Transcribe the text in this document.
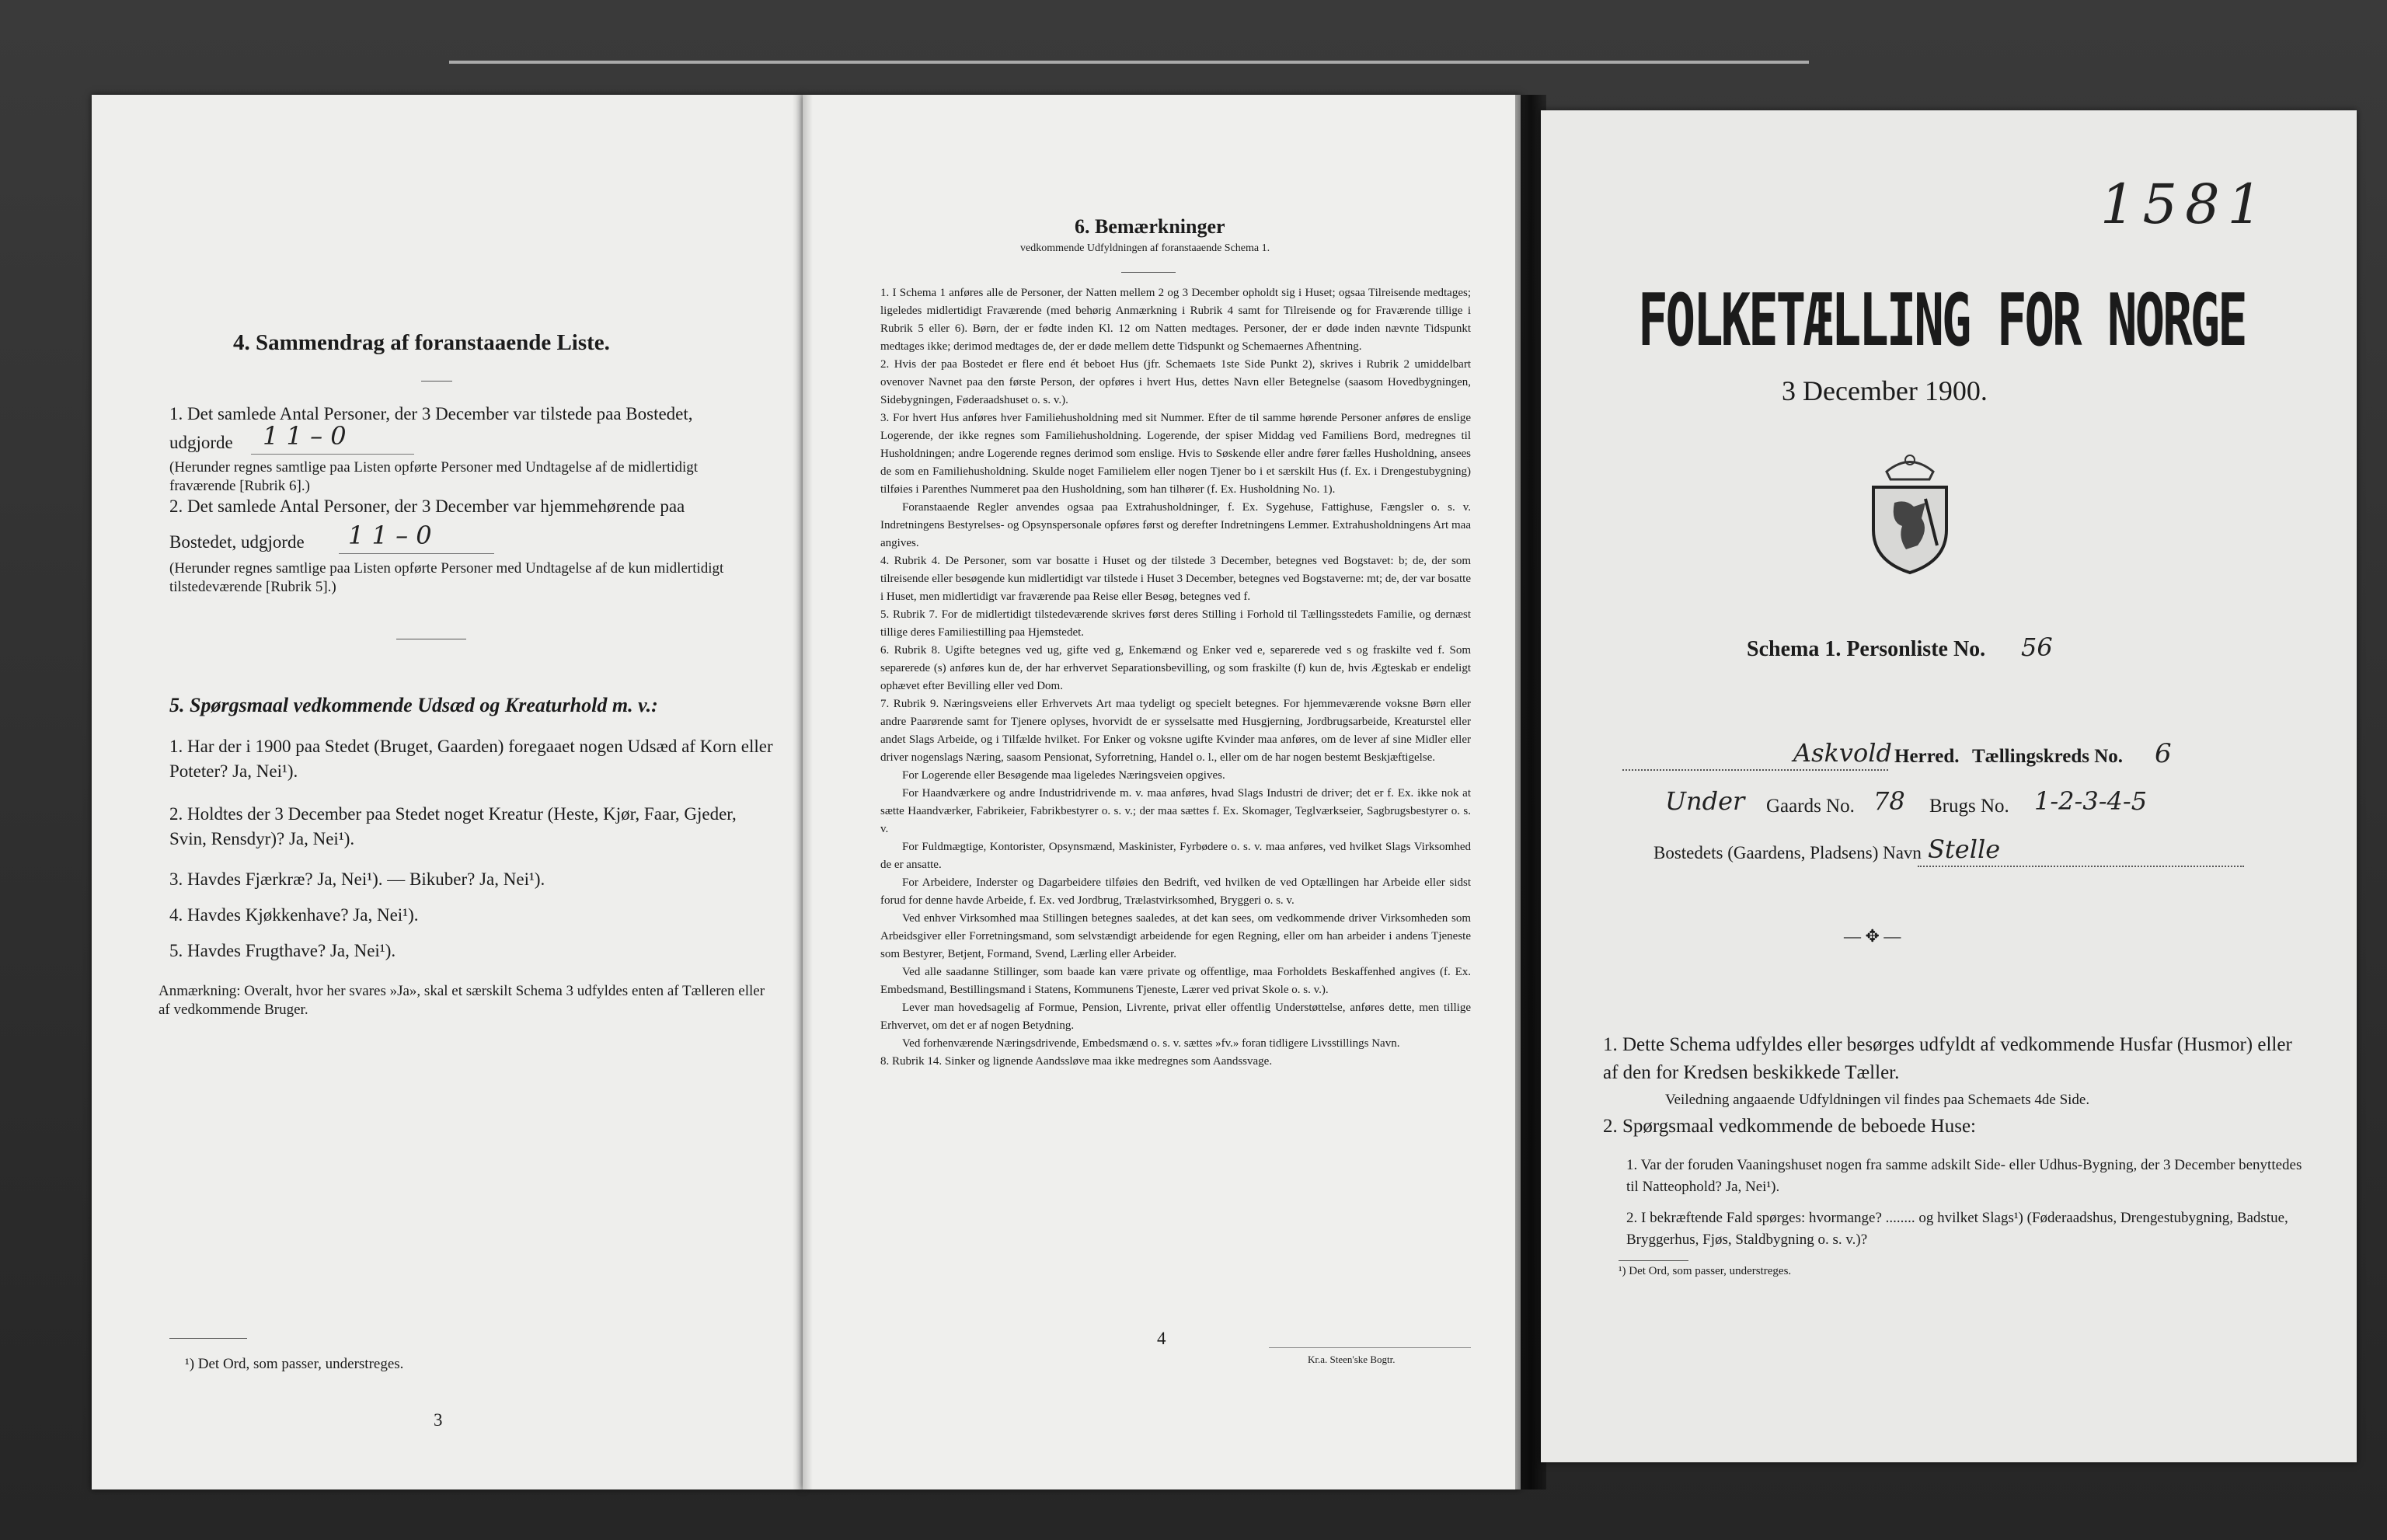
4. Sammendrag af foranstaaende Liste.
1. Det samlede Antal Personer, der 3 December var tilstede paa Bostedet,
udgjorde 1 1 – 0
(Herunder regnes samtlige paa Listen opførte Personer med Undtagelse af de midlertidigt fraværende [Rubrik 6].)
2. Det samlede Antal Personer, der 3 December var hjemmehørende paa
Bostedet, udgjorde 1 1 – 0
(Herunder regnes samtlige paa Listen opførte Personer med Undtagelse af de kun midlertidigt tilstedeværende [Rubrik 5].)
5. Spørgsmaal vedkommende Udsæd og Kreaturhold m. v.:
1. Har der i 1900 paa Stedet (Bruget, Gaarden) foregaaet nogen Udsæd af Korn eller Poteter? Ja, Nei¹).
2. Holdtes der 3 December paa Stedet noget Kreatur (Heste, Kjør, Faar, Gjeder, Svin, Rensdyr)? Ja, Nei¹).
3. Havdes Fjærkræ? Ja, Nei¹). — Bikuber? Ja, Nei¹).
4. Havdes Kjøkkenhave? Ja, Nei¹).
5. Havdes Frugthave? Ja, Nei¹).
Anmærkning: Overalt, hvor her svares »Ja», skal et særskilt Schema 3 udfyldes enten af Tælleren eller af vedkommende Bruger.
¹) Det Ord, som passer, understreges.
3
6. Bemærkninger
vedkommende Udfyldningen af foranstaaende Schema 1.

1. I Schema 1 anføres alle de Personer, der Natten mellem 2 og 3 December opholdt sig i Huset; ogsaa Tilreisende medtages; ligeledes midlertidigt Fraværende (med behørig Anmærkning i Rubrik 4 samt for Tilreisende og for Fraværende tillige i Rubrik 5 eller 6). Børn, der er fødte inden Kl. 12 om Natten medtages. Personer, der er døde inden nævnte Tidspunkt medtages ikke; derimod medtages de, der er døde mellem dette Tidspunkt og Schemaernes Afhentning.

2. Hvis der paa Bostedet er flere end ét beboet Hus (jfr. Schemaets 1ste Side Punkt 2), skrives i Rubrik 2 umiddelbart ovenover Navnet paa den første Person, der opføres i hvert Hus, dettes Navn eller Betegnelse (saasom Hovedbygningen, Sidebygningen, Føderaadshuset o. s. v.).

3. For hvert Hus anføres hver Familiehusholdning med sit Nummer. Efter de til samme hørende Personer anføres de enslige Logerende, der ikke regnes som Familiehusholdning. Logerende, der spiser Middag ved Familiens Bord, medregnes til Husholdningen; andre Logerende regnes derimod som enslige. Hvis to Søskende eller andre fører fælles Husholdning, ansees de som en Familiehusholdning. Skulde noget Familielem eller nogen Tjener bo i et særskilt Hus (f. Ex. i Drengestubygning) tilføies i Parenthes Nummeret paa den Husholdning, som han tilhører (f. Ex. Husholdning No. 1).

Foranstaaende Regler anvendes ogsaa paa Extrahusholdninger, f. Ex. Sygehuse, Fattighuse, Fængsler o. s. v. Indretningens Bestyrelses- og Opsynspersonale opføres først og derefter Indretningens Lemmer. Extrahusholdningens Art maa angives.

4. Rubrik 4. De Personer, som var bosatte i Huset og der tilstede 3 December, betegnes ved Bogstavet: b; de, der som tilreisende eller besøgende kun midlertidigt var tilstede i Huset 3 December, betegnes ved Bogstaverne: mt; de, der var bosatte i Huset, men midlertidigt var fraværende paa Reise eller Besøg, betegnes ved f.

5. Rubrik 7. For de midlertidigt tilstedeværende skrives først deres Stilling i Forhold til Tællingsstedets Familie, og dernæst tillige deres Familiestilling paa Hjemstedet.

6. Rubrik 8. Ugifte betegnes ved ug, gifte ved g, Enkemænd og Enker ved e, separerede ved s og fraskilte ved f. Som separerede (s) anføres kun de, der har erhvervet Separationsbevilling, og som fraskilte (f) kun de, hvis Ægteskab er endeligt ophævet efter Bevilling eller ved Dom.

7. Rubrik 9. Næringsveiens eller Erhvervets Art maa tydeligt og specielt betegnes. For hjemmeværende voksne Børn eller andre Paarørende samt for Tjenere oplyses, hvorvidt de er sysselsatte med Husgjerning, Jordbrugsarbeide, Kreaturstel eller andet Slags Arbeide, og i Tilfælde hvilket. For Enker og voksne ugifte Kvinder maa anføres, om de lever af sine Midler eller driver nogenslags Næring, saasom Pensionat, Syforretning, Handel o. l., eller om de har nogen bestemt Beskjæftigelse.

For Logerende eller Besøgende maa ligeledes Næringsveien opgives.

For Haandværkere og andre Industridrivende m. v. maa anføres, hvad Slags Industri de driver; det er f. Ex. ikke nok at sætte Haandværker, Fabrikeier, Fabrikbestyrer o. s. v.; der maa sættes f. Ex. Skomager, Teglværkseier, Sagbrugsbestyrer o. s. v.

For Fuldmægtige, Kontorister, Opsynsmænd, Maskinister, Fyrbødere o. s. v. maa anføres, ved hvilket Slags Virksomhed de er ansatte.

For Arbeidere, Inderster og Dagarbeidere tilføies den Bedrift, ved hvilken de ved Optællingen har Arbeide eller sidst forud for denne havde Arbeide, f. Ex. ved Jordbrug, Trælastvirksomhed, Bryggeri o. s. v.

Ved enhver Virksomhed maa Stillingen betegnes saaledes, at det kan sees, om vedkommende driver Virksomheden som Arbeidsgiver eller Forretningsmand, som selvstændigt arbeidende for egen Regning, eller om han arbeider i andens Tjeneste som Bestyrer, Betjent, Formand, Svend, Lærling eller Arbeider.

Ved alle saadanne Stillinger, som baade kan være private og offentlige, maa Forholdets Beskaffenhed angives (f. Ex. Embedsmand, Bestillingsmand i Statens, Kommunens Tjeneste, Lærer ved privat Skole o. s. v.).

Lever man hovedsagelig af Formue, Pension, Livrente, privat eller offentlig Understøttelse, anføres dette, men tillige Erhvervet, om det er af nogen Betydning.

Ved forhenværende Næringsdrivende, Embedsmænd o. s. v. sættes »fv.» foran tidligere Livsstillings Navn.

8. Rubrik 14. Sinker og lignende Aandssløve maa ikke medregnes som Aandssvage.

4
Kr.a. Steen'ske Bogtr.
1581
FOLKETÆLLING FOR NORGE
3 December 1900.
Schema 1. Personliste No. 56
Askvold Herred. Tællingskreds No. 6
Under Gaards No. 78 Brugs No. 1-2-3-4-5
Bostedets (Gaardens, Pladsens) Navn Stelle
— ✥ —
1. Dette Schema udfyldes eller besørges udfyldt af vedkommende Husfar (Husmor) eller af den for Kredsen beskikkede Tæller.
Veiledning angaaende Udfyldningen vil findes paa Schemaets 4de Side.
2. Spørgsmaal vedkommende de beboede Huse:
1. Var der foruden Vaaningshuset nogen fra samme adskilt Side- eller Udhus-Bygning, der 3 December benyttedes til Natteophold? Ja, Nei¹).
2. I bekræftende Fald spørges: hvormange? ........ og hvilket Slags¹) (Føderaadshus, Drengestubygning, Badstue, Bryggerhus, Fjøs, Staldbygning o. s. v.)?
¹) Det Ord, som passer, understreges.
